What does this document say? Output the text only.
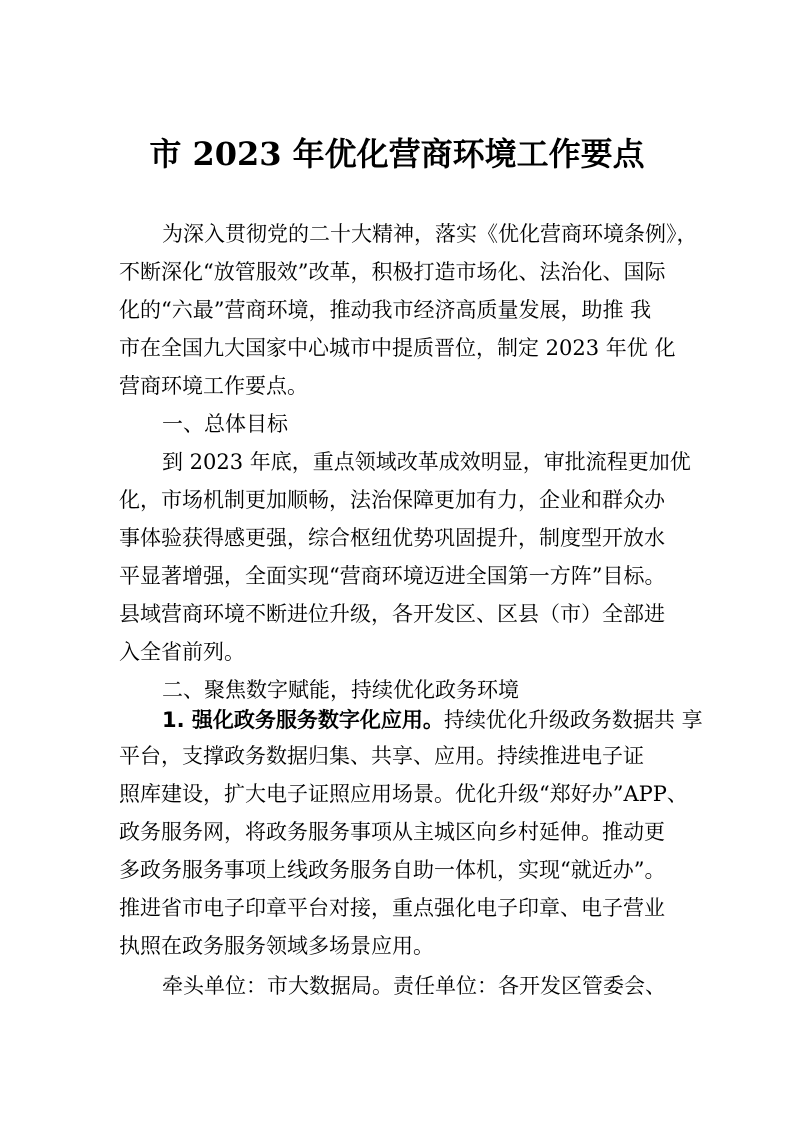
市 2023 年优化营商环境工作要点
为深入贯彻党的二十大精神，落实《优化营商环境条例》，
不断深化“放管服效”改革，积极打造市场化、法治化、国际
化的“六最”营商环境，推动我市经济高质量发展，助推 我
市在全国九大国家中心城市中提质晋位，制定 2023 年优 化
营商环境工作要点。
一、总体目标
到 2023 年底，重点领域改革成效明显，审批流程更加优
化，市场机制更加顺畅，法治保障更加有力，企业和群众办
事体验获得感更强，综合枢纽优势巩固提升，制度型开放水
平显著增强，全面实现“营商环境迈进全国第一方阵”目标。
县域营商环境不断进位升级，各开发区、区县（市）全部进
入全省前列。
二、聚焦数字赋能，持续优化政务环境
1. 强化政务服务数字化应用。持续优化升级政务数据共 享
平台，支撑政务数据归集、共享、应用。持续推进电子证
照库建设，扩大电子证照应用场景。优化升级“郑好办”APP、
政务服务网，将政务服务事项从主城区向乡村延伸。推动更
多政务服务事项上线政务服务自助一体机，实现“就近办”。
推进省市电子印章平台对接，重点强化电子印章、电子营业
执照在政务服务领域多场景应用。
牵头单位：市大数据局。责任单位：各开发区管委会、
